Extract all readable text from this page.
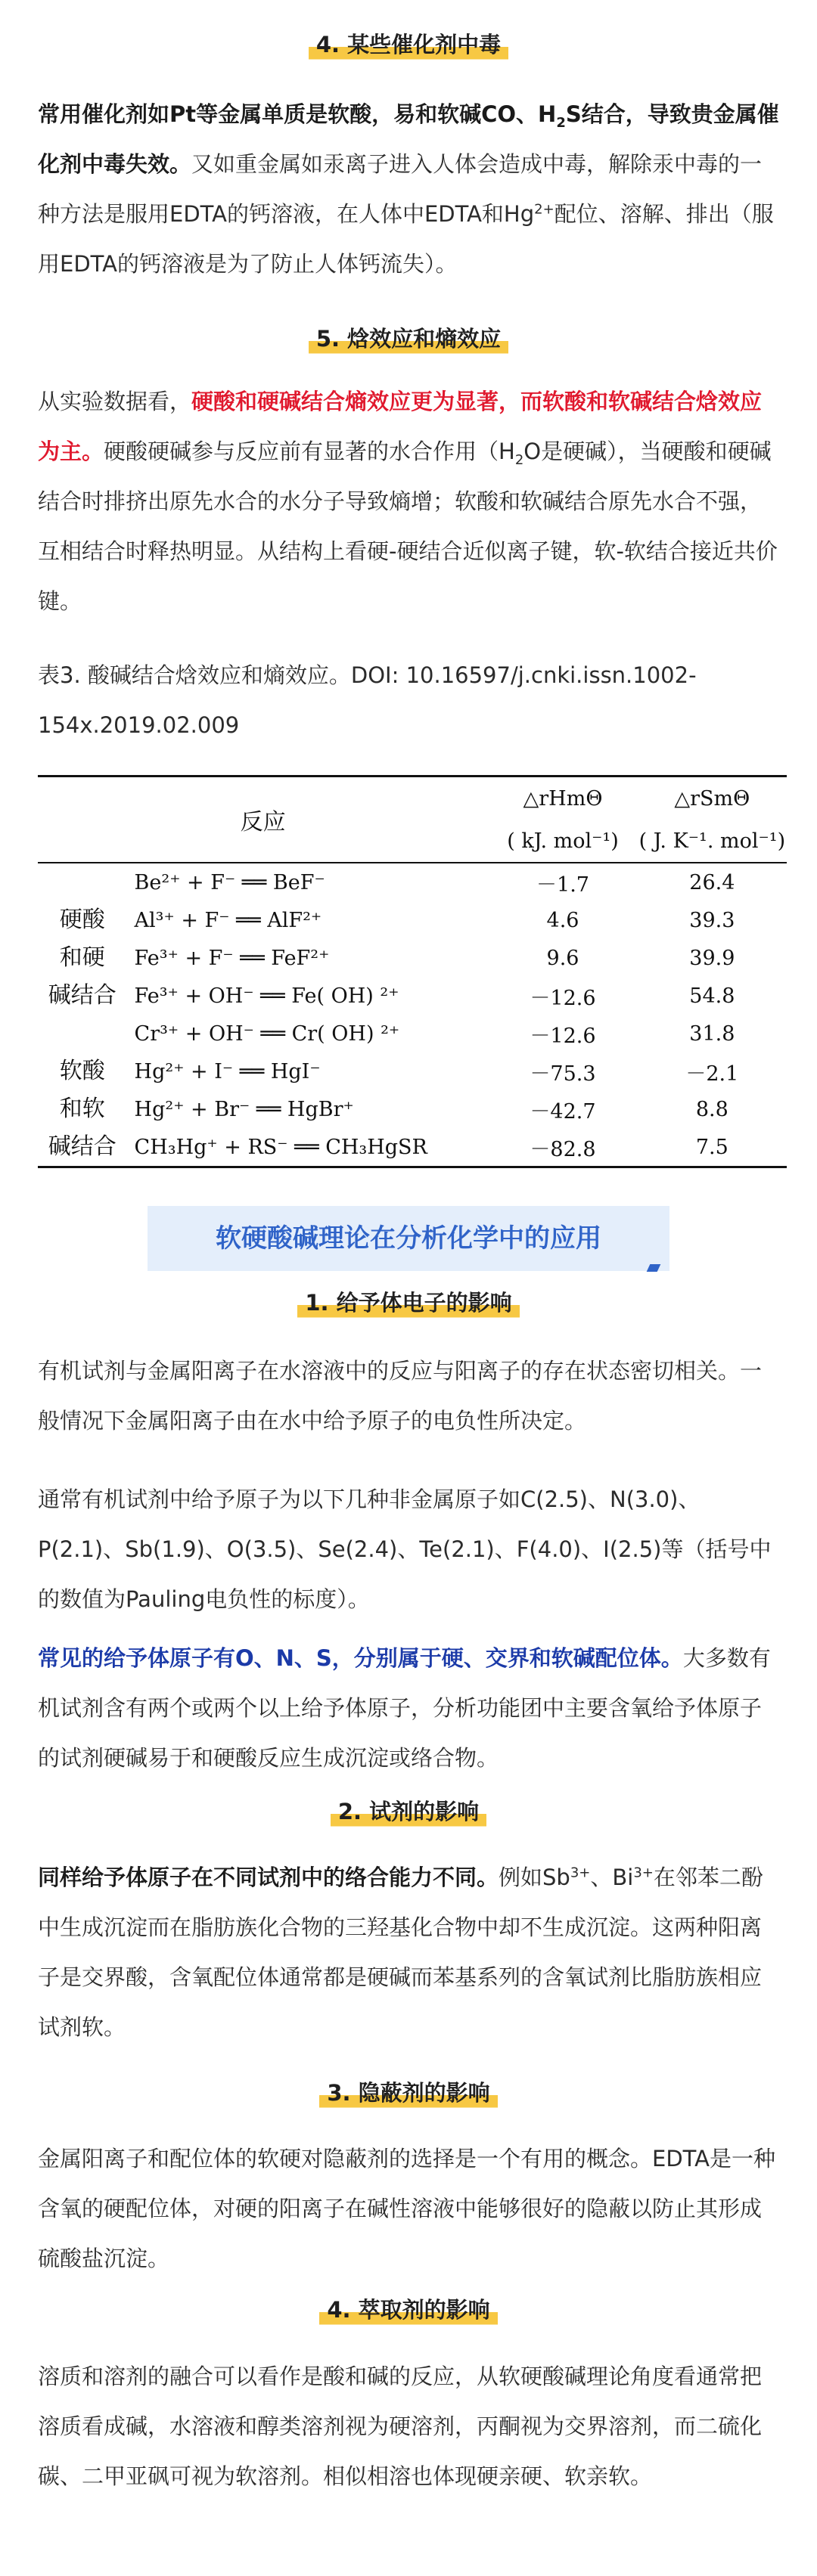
4. 某些催化剂中毒

常用催化剂如Pt等金属单质是软酸，易和软碱CO、$H_2S$结合，导致贵金属催化剂中毒失效。又如重金属如汞离子进入人体会造成中毒，解除汞中毒的一种方法是服用EDTA的钙溶液，在人体中EDTA和$Hg^{2+}$配位、溶解、排出（服用EDTA的钙溶液是为了防止人体钙流失）。

5. 焓效应和熵效应

从实验数据看，硬酸和硬碱结合熵效应更为显著，而软酸和软碱结合焓效应为主。硬酸硬碱参与反应前有显著的水合作用（$H_2O$是硬碱），当硬酸和硬碱结合时排挤出原先水合的水分子导致熵增；软酸和软碱结合原先水合不强，互相结合时释热明显。从结构上看硬-硬结合近似离子键，软-软结合接近共价键。

表3. 酸碱结合焓效应和熵效应。DOI: 10.16597/j.cnki.issn.1002-154x.2019.02.009

反应		△rHmΘ	△rSmΘ
		( kJ. mol⁻¹)	( J. K⁻¹. mol⁻¹)
硬酸
和硬
碱结合	Be²⁺ + F⁻ ══ BeF⁻	－1.7	26.4
	Al³⁺ + F⁻ ══ AlF²⁺	4.6	39.3
	Fe³⁺ + F⁻ ══ FeF²⁺	9.6	39.9
	Fe³⁺ + OH⁻ ══ Fe( OH) ²⁺	－12.6	54.8
	Cr³⁺ + OH⁻ ══ Cr( OH) ²⁺	－12.6	31.8
软酸
和软
碱结合	Hg²⁺ + I⁻ ══ HgI⁻	－75.3	－2.1
	Hg²⁺ + Br⁻ ══ HgBr⁺	－42.7	8.8
	CH₃Hg⁺ + RS⁻ ══ CH₃HgSR	－82.8	7.5
软硬酸碱理论在分析化学中的应用
1. 给予体电子的影响

有机试剂与金属阳离子在水溶液中的反应与阳离子的存在状态密切相关。一般情况下金属阳离子由在水中给予原子的电负性所决定。

通常有机试剂中给予原子为以下几种非金属原子如C(2.5)、N(3.0)、P(2.1)、Sb(1.9)、O(3.5)、Se(2.4)、Te(2.1)、F(4.0)、I(2.5)等（括号中的数值为Pauling电负性的标度）。

常见的给予体原子有O、N、S，分别属于硬、交界和软碱配位体。大多数有机试剂含有两个或两个以上给予体原子，分析功能团中主要含氧给予体原子的试剂硬碱易于和硬酸反应生成沉淀或络合物。

2. 试剂的影响

同样给予体原子在不同试剂中的络合能力不同。例如$Sb^{3+}$、$Bi^{3+}$在邻苯二酚中生成沉淀而在脂肪族化合物的三羟基化合物中却不生成沉淀。这两种阳离子是交界酸，含氧配位体通常都是硬碱而苯基系列的含氧试剂比脂肪族相应试剂软。

3. 隐蔽剂的影响

金属阳离子和配位体的软硬对隐蔽剂的选择是一个有用的概念。EDTA是一种含氧的硬配位体，对硬的阳离子在碱性溶液中能够很好的隐蔽以防止其形成硫酸盐沉淀。

4. 萃取剂的影响

溶质和溶剂的融合可以看作是酸和碱的反应，从软硬酸碱理论角度看通常把溶质看成碱，水溶液和醇类溶剂视为硬溶剂，丙酮视为交界溶剂，而二硫化碳、二甲亚砜可视为软溶剂。相似相溶也体现硬亲硬、软亲软。
